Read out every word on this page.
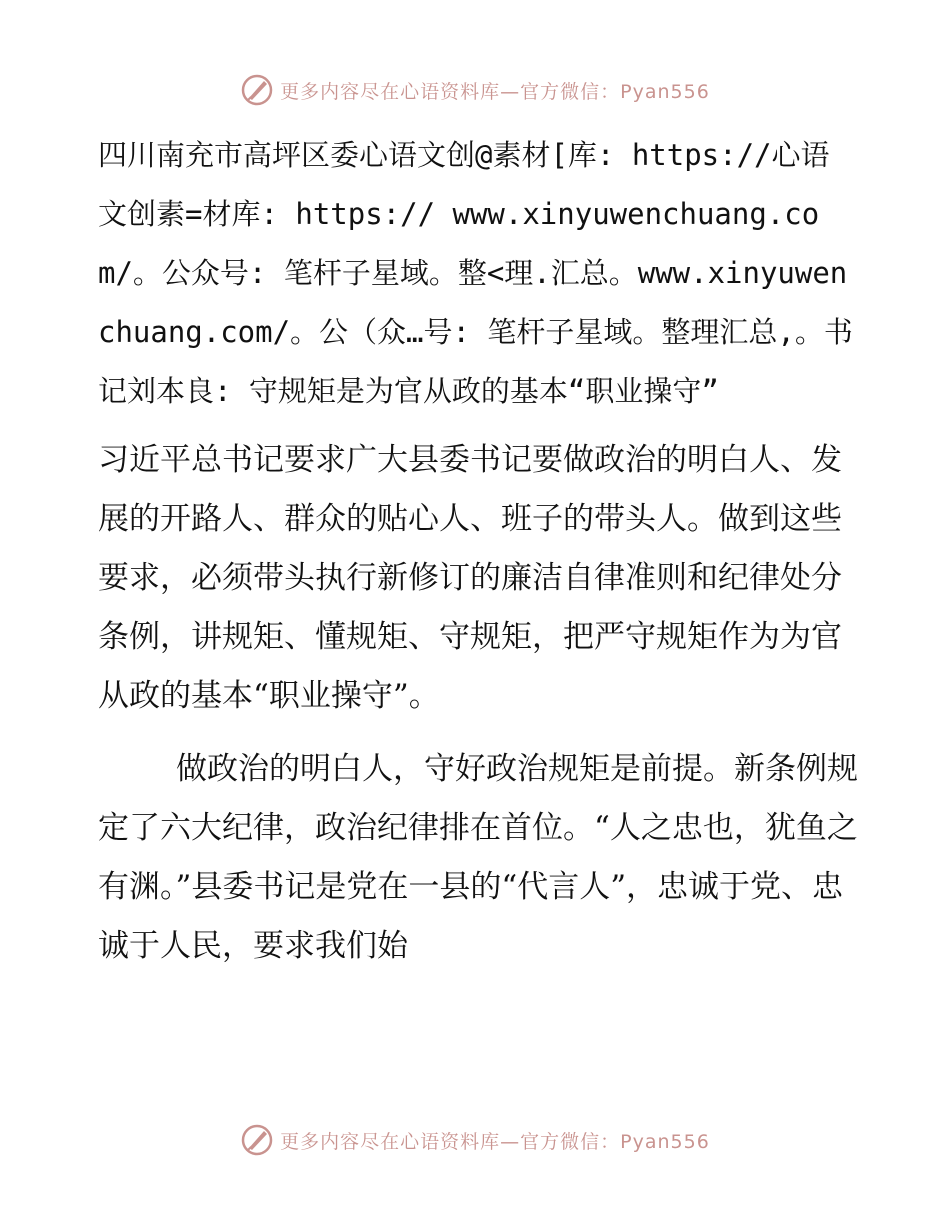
更多内容尽在心语资料库—官方微信：Pyan556

四川南充市高坪区委心语文创@素材[库: https://心语文创素=材库: https:// www.xinyuwenchuang.com/。公众号: 笔杆子星域。整<理.汇总。www.xinyuwenchuang.com/。公（众…号: 笔杆子星域。整理汇总,。书记刘本良: 守规矩是为官从政的基本“职业操守”

习近平总书记要求广大县委书记要做政治的明白人、发展的开路人、群众的贴心人、班子的带头人。做到这些要求，必须带头执行新修订的廉洁自律准则和纪律处分条例，讲规矩、懂规矩、守规矩，把严守规矩作为为官从政的基本“职业操守”。

做政治的明白人，守好政治规矩是前提。新条例规定了六大纪律，政治纪律排在首位。“人之忠也，犹鱼之有渊。”县委书记是党在一县的“代言人”，忠诚于党、忠诚于人民，要求我们始

更多内容尽在心语资料库—官方微信：Pyan556
